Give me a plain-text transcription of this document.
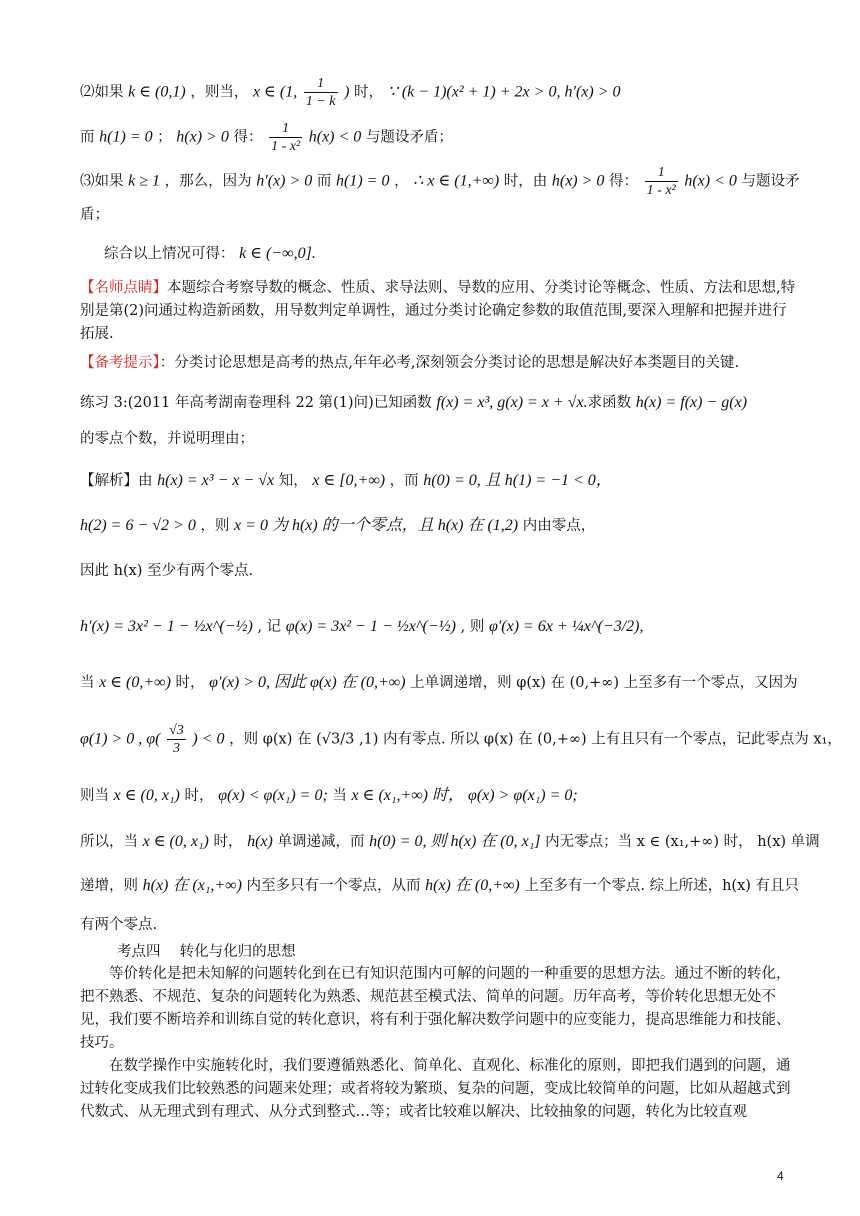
⑵如果 k ∈ (0,1) ，则当， x ∈ (1, $\frac{1}{1 - k}$ ) 时， ∵ (k − 1)(x² + 1) + 2x > 0, h′(x) > 0
而 h(1) = 0 ； h(x) > 0 得： $\frac{1}{\text{1 - x²}} h(x) < 0$ 与题设矛盾；
⑶如果 k ≥ 1 ，那么，因为 h′(x) > 0 而 h(1) = 0 ， ∴ x ∈ (1,+∞) 时，由 h(x) > 0 得： $\frac{1}{\text{1 - x²}} h(x) < 0$ 与题设矛
盾；
综合以上情况可得： k ∈ (−∞,0].
【名师点睛】本题综合考察导数的概念、性质、求导法则、导数的应用、分类讨论等概念、性质、方法和思想,特别是第(2)问通过构造新函数，用导数判定单调性，通过分类讨论确定参数的取值范围,要深入理解和把握并进行拓展.
【备考提示】：分类讨论思想是高考的热点,年年必考,深刻领会分类讨论的思想是解决好本类题目的关键.
练习 3:(2011 年高考湖南卷理科 22 第(1)问)已知函数 f(x) = x³, g(x) = x + √x.求函数 h(x) = f(x) − g(x)
的零点个数，并说明理由；
【解析】由 h(x) = x³ − x − √x 知， x ∈ [0,+∞) ，而 h(0) = 0, 且 h(1) = −1 < 0，
h(2) = 6 − √2 > 0 ，则 x = 0 为 h(x) 的一个零点，且 h(x) 在 (1,2) 内由零点，
因此 h(x) 至少有两个零点.
h′(x) = 3x² − 1 − ½x^(−½) , 记 φ(x) = 3x² − 1 − ½x^(−½) , 则 φ′(x) = 6x + ¼x^(−3/2),
当 x ∈ (0,+∞) 时， φ′(x) > 0, 因此 φ(x) 在 (0,+∞) 上单调递增，则 φ(x) 在 (0,+∞) 上至多有一个零点，又因为
φ(1) > 0 , $\varphi( \frac{√3}{3}$ ) < 0 ，则 φ(x) 在 (√3/3 ,1) 内有零点. 所以 φ(x) 在 (0,+∞) 上有且只有一个零点，记此零点为 x₁，
则当 x ∈ (0, x₁) 时， φ(x) < φ(x₁) = 0; 当 x ∈ (x₁,+∞) 时， φ(x) > φ(x₁) = 0;
所以，当 x ∈ (0, x₁) 时， h(x) 单调递减，而 h(0) = 0, 则 h(x) 在 (0, x₁] 内无零点；当 x ∈ (x₁,+∞) 时， h(x) 单调
递增，则 h(x) 在 (x₁,+∞) 内至多只有一个零点，从而 h(x) 在 (0,+∞) 上至多有一个零点. 综上所述，h(x) 有且只
有两个零点.
考点四　 转化与化归的思想
等价转化是把未知解的问题转化到在已有知识范围内可解的问题的一种重要的思想方法。通过不断的转化，把不熟悉、不规范、复杂的问题转化为熟悉、规范甚至模式法、简单的问题。历年高考，等价转化思想无处不见，我们要不断培养和训练自觉的转化意识，将有利于强化解决数学问题中的应变能力，提高思维能力和技能、技巧。
在数学操作中实施转化时，我们要遵循熟悉化、简单化、直观化、标准化的原则，即把我们遇到的问题，通过转化变成我们比较熟悉的问题来处理；或者将较为繁琐、复杂的问题，变成比较简单的问题，比如从超越式到代数式、从无理式到有理式、从分式到整式…等；或者比较难以解决、比较抽象的问题，转化为比较直观
4
